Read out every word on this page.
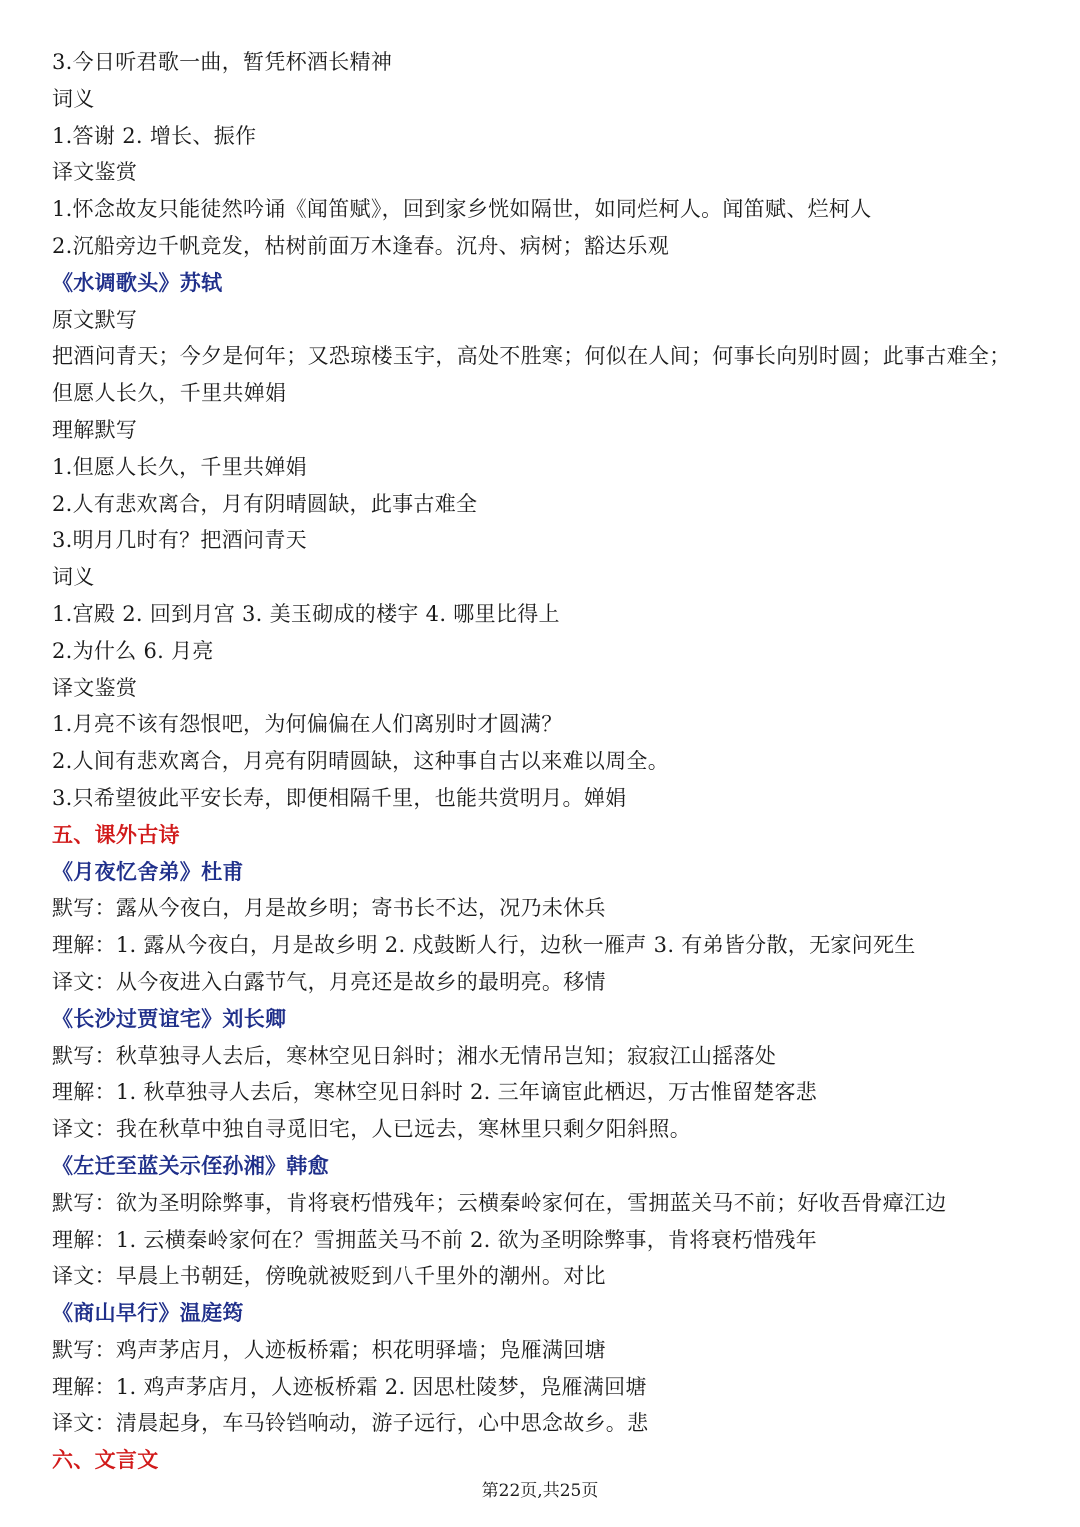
3.今日听君歌一曲，暂凭杯酒长精神
词义
1.答谢 2. 增长、振作
译文鉴赏
1.怀念故友只能徒然吟诵《闻笛赋》，回到家乡恍如隔世，如同烂柯人。闻笛赋、烂柯人
2.沉船旁边千帆竞发，枯树前面万木逢春。沉舟、病树；豁达乐观
《水调歌头》苏轼
原文默写
把酒问青天；今夕是何年；又恐琼楼玉宇，高处不胜寒；何似在人间；何事长向别时圆；此事古难全；
但愿人长久，千里共婵娟
理解默写
1.但愿人长久，千里共婵娟
2.人有悲欢离合，月有阴晴圆缺，此事古难全
3.明月几时有？把酒问青天
词义
1.宫殿 2. 回到月宫 3. 美玉砌成的楼宇 4. 哪里比得上
2.为什么 6. 月亮
译文鉴赏
1.月亮不该有怨恨吧，为何偏偏在人们离别时才圆满？
2.人间有悲欢离合，月亮有阴晴圆缺，这种事自古以来难以周全。
3.只希望彼此平安长寿，即便相隔千里，也能共赏明月。婵娟
五、课外古诗
《月夜忆舍弟》杜甫
默写：露从今夜白，月是故乡明；寄书长不达，况乃未休兵
理解：1. 露从今夜白，月是故乡明 2. 戍鼓断人行，边秋一雁声 3. 有弟皆分散，无家问死生
译文：从今夜进入白露节气，月亮还是故乡的最明亮。移情
《长沙过贾谊宅》刘长卿
默写：秋草独寻人去后，寒林空见日斜时；湘水无情吊岂知；寂寂江山摇落处
理解：1. 秋草独寻人去后，寒林空见日斜时 2. 三年谪宦此栖迟，万古惟留楚客悲
译文：我在秋草中独自寻觅旧宅，人已远去，寒林里只剩夕阳斜照。
《左迁至蓝关示侄孙湘》韩愈
默写：欲为圣明除弊事，肯将衰朽惜残年；云横秦岭家何在，雪拥蓝关马不前；好收吾骨瘴江边
理解：1. 云横秦岭家何在？雪拥蓝关马不前 2. 欲为圣明除弊事，肯将衰朽惜残年
译文：早晨上书朝廷，傍晚就被贬到八千里外的潮州。对比
《商山早行》温庭筠
默写：鸡声茅店月，人迹板桥霜；枳花明驿墙；凫雁满回塘
理解：1. 鸡声茅店月，人迹板桥霜 2. 因思杜陵梦，凫雁满回塘
译文：清晨起身，车马铃铛响动，游子远行，心中思念故乡。悲
六、文言文
第22页,共25页
